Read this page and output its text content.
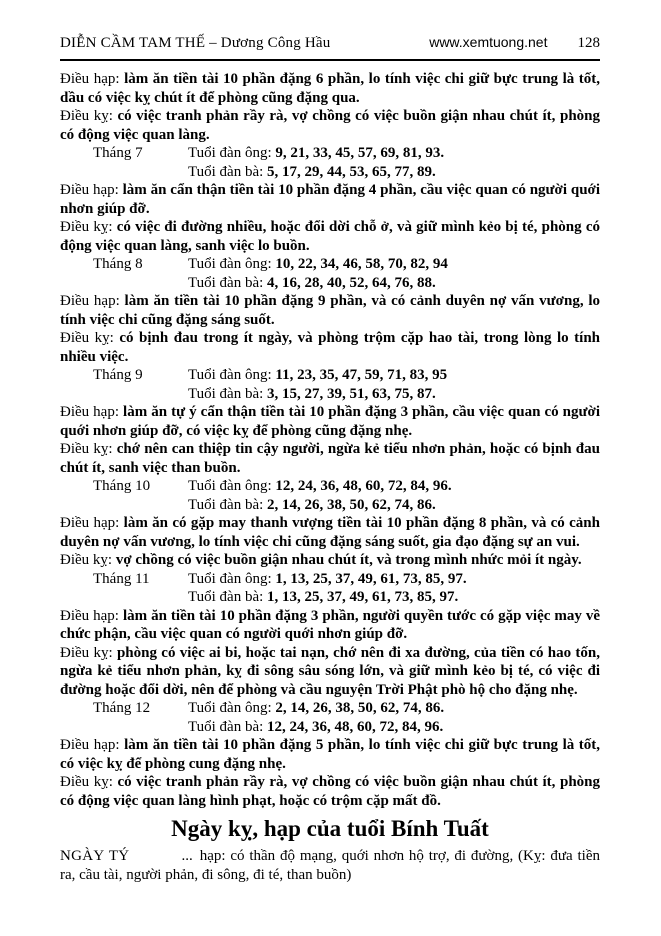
DIỄN CẦM TAM THẾ – Dương Công Hầu	www.xemtuong.net 128

Điều hạp: làm ăn tiền tài 10 phần đặng 6 phần, lo tính việc chi giữ bực trung là tốt, dầu có việc kỵ chút ít để phòng cũng đặng qua.

Điều kỵ: có việc tranh phản rầy rà, vợ chồng có việc buồn giận nhau chút ít, phòng có động việc quan làng.

Tháng 7	Tuổi đàn ông: 9, 21, 33, 45, 57, 69, 81, 93.
Tuổi đàn bà: 5, 17, 29, 44, 53, 65, 77, 89.

Điều hạp: làm ăn cẩn thận tiền tài 10 phần đặng 4 phần, cầu việc quan có người quới nhơn giúp đỡ.

Điều kỵ: có việc đi đường nhiều, hoặc đổi dời chỗ ở, và giữ mình kẻo bị té, phòng có động việc quan làng, sanh việc lo buồn.

Tháng 8	Tuổi đàn ông: 10, 22, 34, 46, 58, 70, 82, 94
Tuổi đàn bà: 4, 16, 28, 40, 52, 64, 76, 88.

Điều hạp: làm ăn tiền tài 10 phần đặng 9 phần, và có cảnh duyên nợ vấn vương, lo tính việc chi cũng đặng sáng suốt.

Điều kỵ: có bịnh đau trong ít ngày, và phòng trộm cặp hao tài, trong lòng lo tính nhiều việc.

Tháng 9	Tuổi đàn ông: 11, 23, 35, 47, 59, 71, 83, 95
Tuổi đàn bà: 3, 15, 27, 39, 51, 63, 75, 87.

Điều hạp: làm ăn tự ý cẩn thận tiền tài 10 phần đặng 3 phần, cầu việc quan có người quới nhơn giúp đỡ, có việc kỵ để phòng cũng đặng nhẹ.

Điều kỵ: chớ nên can thiệp tin cậy người, ngừa kẻ tiểu nhơn phản, hoặc có bịnh đau chút ít, sanh việc than buồn.

Tháng 10	Tuổi đàn ông: 12, 24, 36, 48, 60, 72, 84, 96.
Tuổi đàn bà: 2, 14, 26, 38, 50, 62, 74, 86.

Điều hạp: làm ăn có gặp may thanh vượng tiền tài 10 phần đặng 8 phần, và có cảnh duyên nợ vấn vương, lo tính việc chi cũng đặng sáng suốt, gia đạo đặng sự an vui.

Điều kỵ: vợ chồng có việc buồn giận nhau chút ít, và trong mình nhức mỏi ít ngày.

Tháng 11	Tuổi đàn ông: 1, 13, 25, 37, 49, 61, 73, 85, 97.
Tuổi đàn bà: 1, 13, 25, 37, 49, 61, 73, 85, 97.

Điều hạp: làm ăn tiền tài 10 phần đặng 3 phần, người quyền tước có gặp việc may về chức phận, cầu việc quan có người quới nhơn giúp đỡ.

Điều kỵ: phòng có việc ai bi, hoặc tai nạn, chớ nên đi xa đường, của tiền có hao tốn, ngừa kẻ tiểu nhơn phản, kỵ đi sông sâu sóng lớn, và giữ mình kẻo bị té, có việc đi đường hoặc đổi dời, nên để phòng và cầu nguyện Trời Phật phò hộ cho đặng nhẹ.

Tháng 12	Tuổi đàn ông: 2, 14, 26, 38, 50, 62, 74, 86.
Tuổi đàn bà: 12, 24, 36, 48, 60, 72, 84, 96.

Điều hạp: làm ăn tiền tài 10 phần đặng 5 phần, lo tính việc chi giữ bực trung là tốt, có việc kỵ để phòng cung đặng nhẹ.

Điều kỵ: có việc tranh phản rầy rà, vợ chồng có việc buồn giận nhau chút ít, phòng có động việc quan làng hình phạt, hoặc có trộm cặp mất đồ.

Ngày kỵ, hạp của tuổi Bính Tuất

NGÀY TÝ	... hạp: có thần độ mạng, quới nhơn hộ trợ, đi đường, (Kỵ: đưa tiền ra, cầu tài, người phản, đi sông, đi té, than buồn)
